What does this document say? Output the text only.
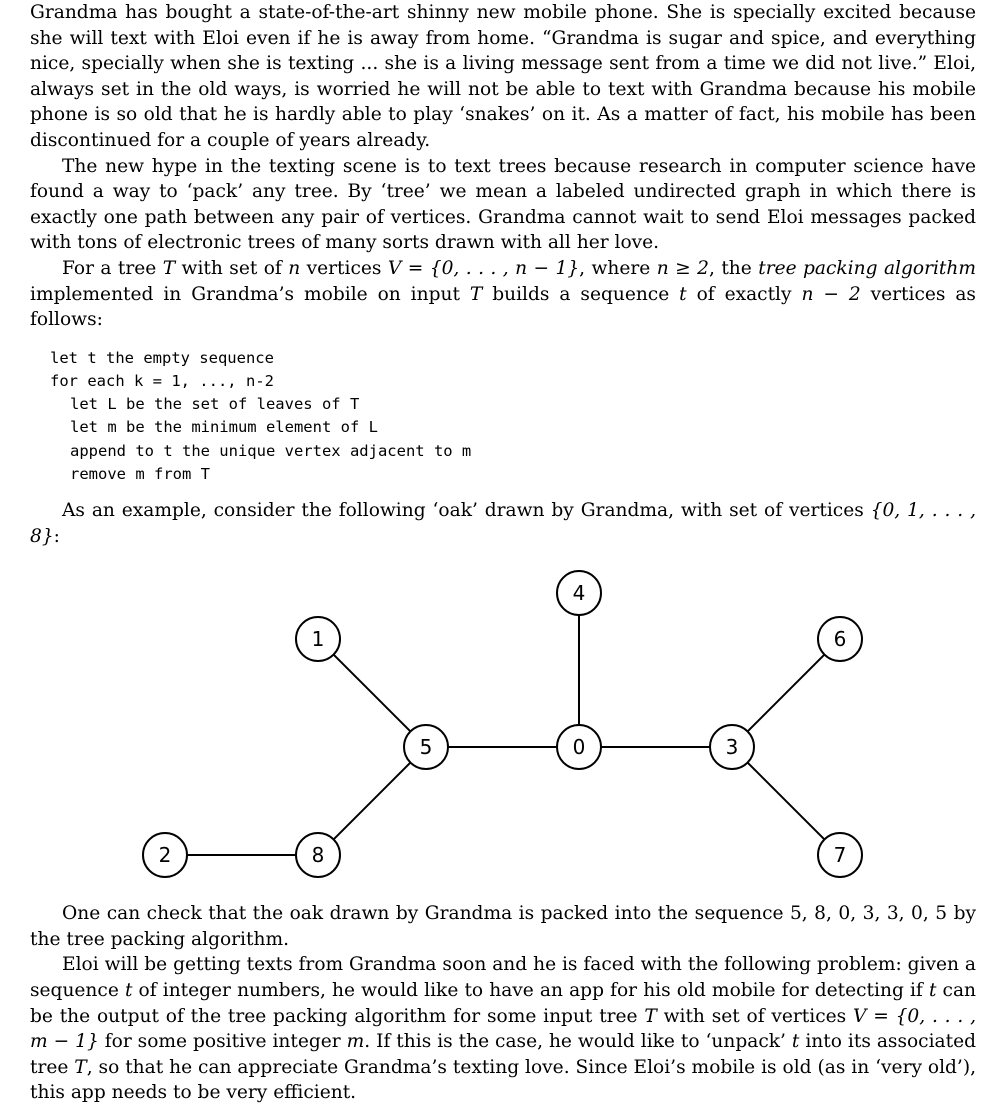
Grandma has bought a state-of-the-art shinny new mobile phone. She is specially excited because she will text with Eloi even if he is away from home. “Grandma is sugar and spice, and everything nice, specially when she is texting ... she is a living message sent from a time we did not live.” Eloi, always set in the old ways, is worried he will not be able to text with Grandma because his mobile phone is so old that he is hardly able to play ‘snakes’ on it. As a matter of fact, his mobile has been discontinued for a couple of years already.

The new hype in the texting scene is to text trees because research in computer science have found a way to ‘pack’ any tree. By ‘tree’ we mean a labeled undirected graph in which there is exactly one path between any pair of vertices. Grandma cannot wait to send Eloi messages packed with tons of electronic trees of many sorts drawn with all her love.

For a tree T with set of n vertices V = {0, . . . , n − 1}, where n ≥ 2, the tree packing algorithm implemented in Grandma’s mobile on input T builds a sequence t of exactly n − 2 vertices as follows:

let t the empty sequence
for each k = 1, ..., n-2
let L be the set of leaves of T
let m be the minimum element of L
append to t the unique vertex adjacent to m
remove m from T

As an example, consider the following ‘oak’ drawn by Grandma, with set of vertices {0, 1, . . . , 8}:

0
1
2
3
4
5
6
7
8

One can check that the oak drawn by Grandma is packed into the sequence 5, 8, 0, 3, 3, 0, 5 by the tree packing algorithm.

Eloi will be getting texts from Grandma soon and he is faced with the following problem: given a sequence t of integer numbers, he would like to have an app for his old mobile for detecting if t can be the output of the tree packing algorithm for some input tree T with set of vertices V = {0, . . . , m − 1} for some positive integer m. If this is the case, he would like to ‘unpack’ t into its associated tree T, so that he can appreciate Grandma’s texting love. Since Eloi’s mobile is old (as in ‘very old’), this app needs to be very efficient.
